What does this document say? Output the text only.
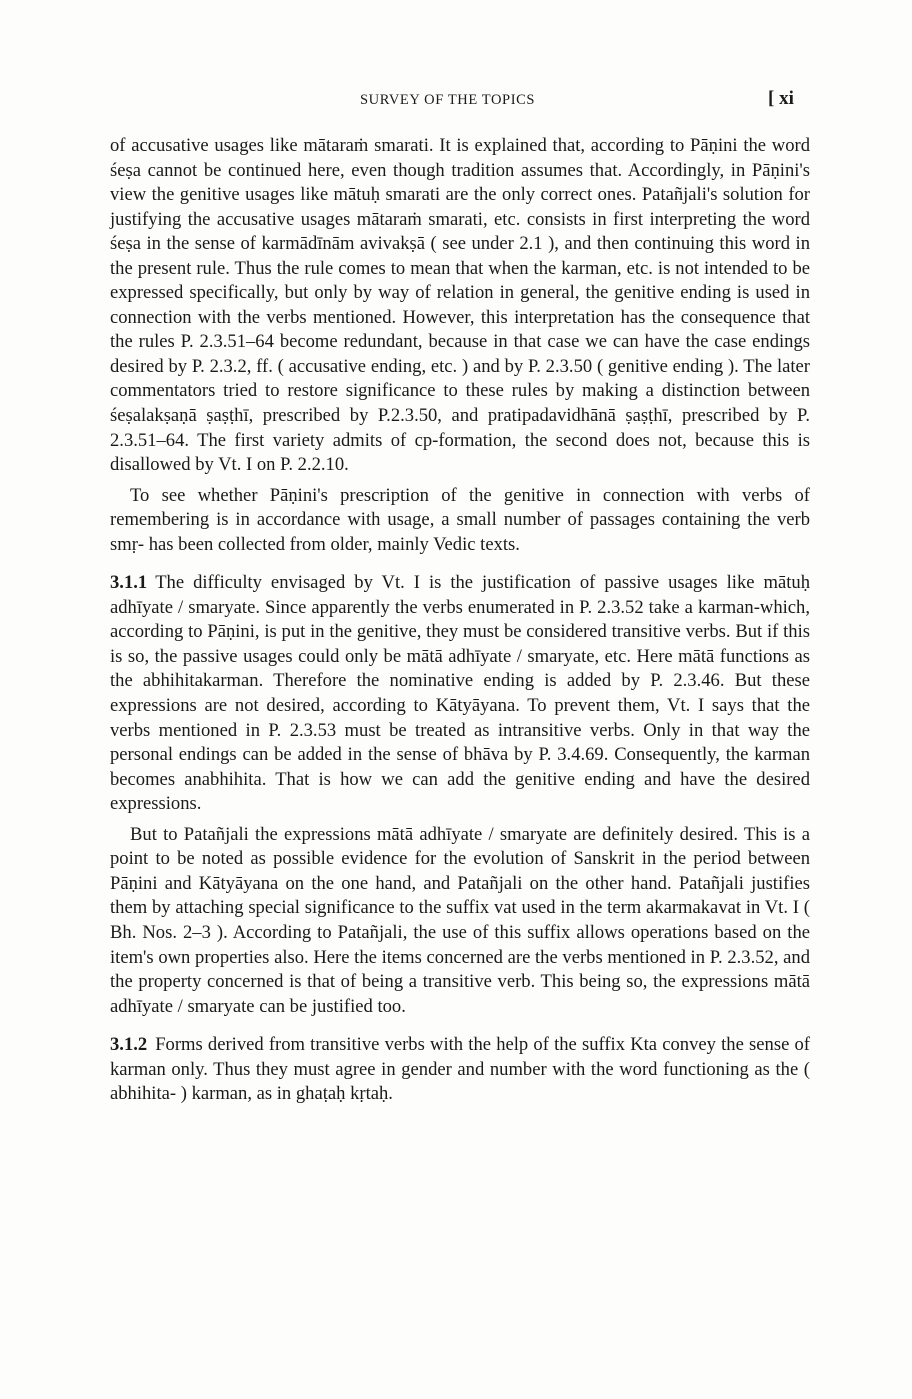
SURVEY OF THE TOPICS	[ xi

of accusative usages like mātaraṁ smarati. It is explained that, according to Pāṇini the word śeṣa cannot be continued here, even though tradition assumes that. Accordingly, in Pāṇini's view the genitive usages like mātuḥ smarati are the only correct ones. Patañjali's solution for justifying the accusative usages mātaraṁ smarati, etc. consists in first interpreting the word śeṣa in the sense of karmādīnām avivakṣā ( see under 2.1 ), and then continuing this word in the present rule. Thus the rule comes to mean that when the karman, etc. is not intended to be expressed specifically, but only by way of relation in general, the genitive ending is used in connection with the verbs mentioned. However, this interpretation has the consequence that the rules P. 2.3.51–64 become redundant, because in that case we can have the case endings desired by P. 2.3.2, ff. ( accusative ending, etc. ) and by P. 2.3.50 ( genitive ending ). The later commentators tried to restore significance to these rules by making a distinction between śeṣalakṣaṇā ṣaṣṭhī, prescribed by P.2.3.50, and pratipadavidhānā ṣaṣṭhī, prescribed by P. 2.3.51–64. The first variety admits of cp-formation, the second does not, because this is disallowed by Vt. I on P. 2.2.10.

To see whether Pāṇini's prescription of the genitive in connection with verbs of remembering is in accordance with usage, a small number of passages containing the verb smṛ- has been collected from older, mainly Vedic texts.

3.1.1 The difficulty envisaged by Vt. I is the justification of passive usages like mātuḥ adhīyate / smaryate. Since apparently the verbs enumerated in P. 2.3.52 take a karman-which, according to Pāṇini, is put in the genitive, they must be considered transitive verbs. But if this is so, the passive usages could only be mātā adhīyate / smaryate, etc. Here mātā functions as the abhihitakarman. Therefore the nominative ending is added by P. 2.3.46. But these expressions are not desired, according to Kātyāyana. To prevent them, Vt. I says that the verbs mentioned in P. 2.3.53 must be treated as intransitive verbs. Only in that way the personal endings can be added in the sense of bhāva by P. 3.4.69. Consequently, the karman becomes anabhihita. That is how we can add the genitive ending and have the desired expressions.

But to Patañjali the expressions mātā adhīyate / smaryate are definitely desired. This is a point to be noted as possible evidence for the evolution of Sanskrit in the period between Pāṇini and Kātyāyana on the one hand, and Patañjali on the other hand. Patañjali justifies them by attaching special significance to the suffix vat used in the term akarmakavat in Vt. I ( Bh. Nos. 2–3 ). According to Patañjali, the use of this suffix allows operations based on the item's own properties also. Here the items concerned are the verbs mentioned in P. 2.3.52, and the property concerned is that of being a transitive verb. This being so, the expressions mātā adhīyate / smaryate can be justified too.

3.1.2 Forms derived from transitive verbs with the help of the suffix Kta convey the sense of karman only. Thus they must agree in gender and number with the word functioning as the ( abhihita- ) karman, as in ghaṭaḥ kṛtaḥ.
